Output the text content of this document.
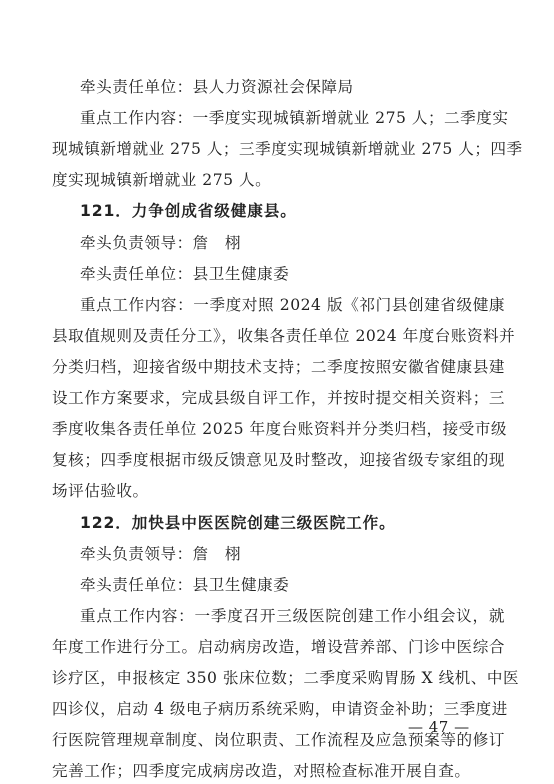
牵头责任单位：县人力资源社会保障局
重点工作内容：一季度实现城镇新增就业 275 人；二季度实
现城镇新增就业 275 人；三季度实现城镇新增就业 275 人；四季
度实现城镇新增就业 275 人。
121．力争创成省级健康县。
牵头负责领导：詹　栩
牵头责任单位：县卫生健康委
重点工作内容：一季度对照 2024 版《祁门县创建省级健康
县取值规则及责任分工》，收集各责任单位 2024 年度台账资料并
分类归档，迎接省级中期技术支持；二季度按照安徽省健康县建
设工作方案要求，完成县级自评工作，并按时提交相关资料；三
季度收集各责任单位 2025 年度台账资料并分类归档，接受市级
复核；四季度根据市级反馈意见及时整改，迎接省级专家组的现
场评估验收。
122．加快县中医医院创建三级医院工作。
牵头负责领导：詹　栩
牵头责任单位：县卫生健康委
重点工作内容：一季度召开三级医院创建工作小组会议，就
年度工作进行分工。启动病房改造，增设营养部、门诊中医综合
诊疗区，申报核定 350 张床位数；二季度采购胃肠 X 线机、中医
四诊仪，启动 4 级电子病历系统采购，申请资金补助；三季度进
行医院管理规章制度、岗位职责、工作流程及应急预案等的修订
完善工作；四季度完成病房改造，对照检查标准开展自查。
— 47 —
